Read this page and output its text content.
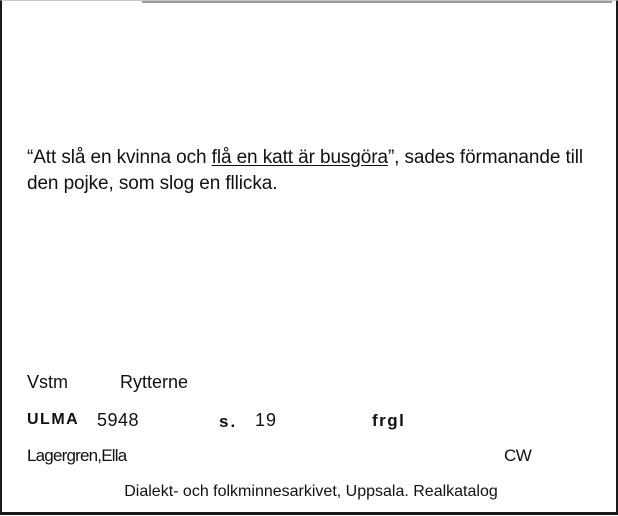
“Att slå en kvinna och flå en katt är busgöra”, sades förmanande till den pojke, som slog en fllicka.
Vstm	Rytterne
ULMA 5948	s. 19	frgl
Lagergren,Ella	CW
Dialekt- och folkminnesarkivet, Uppsala. Realkatalog
